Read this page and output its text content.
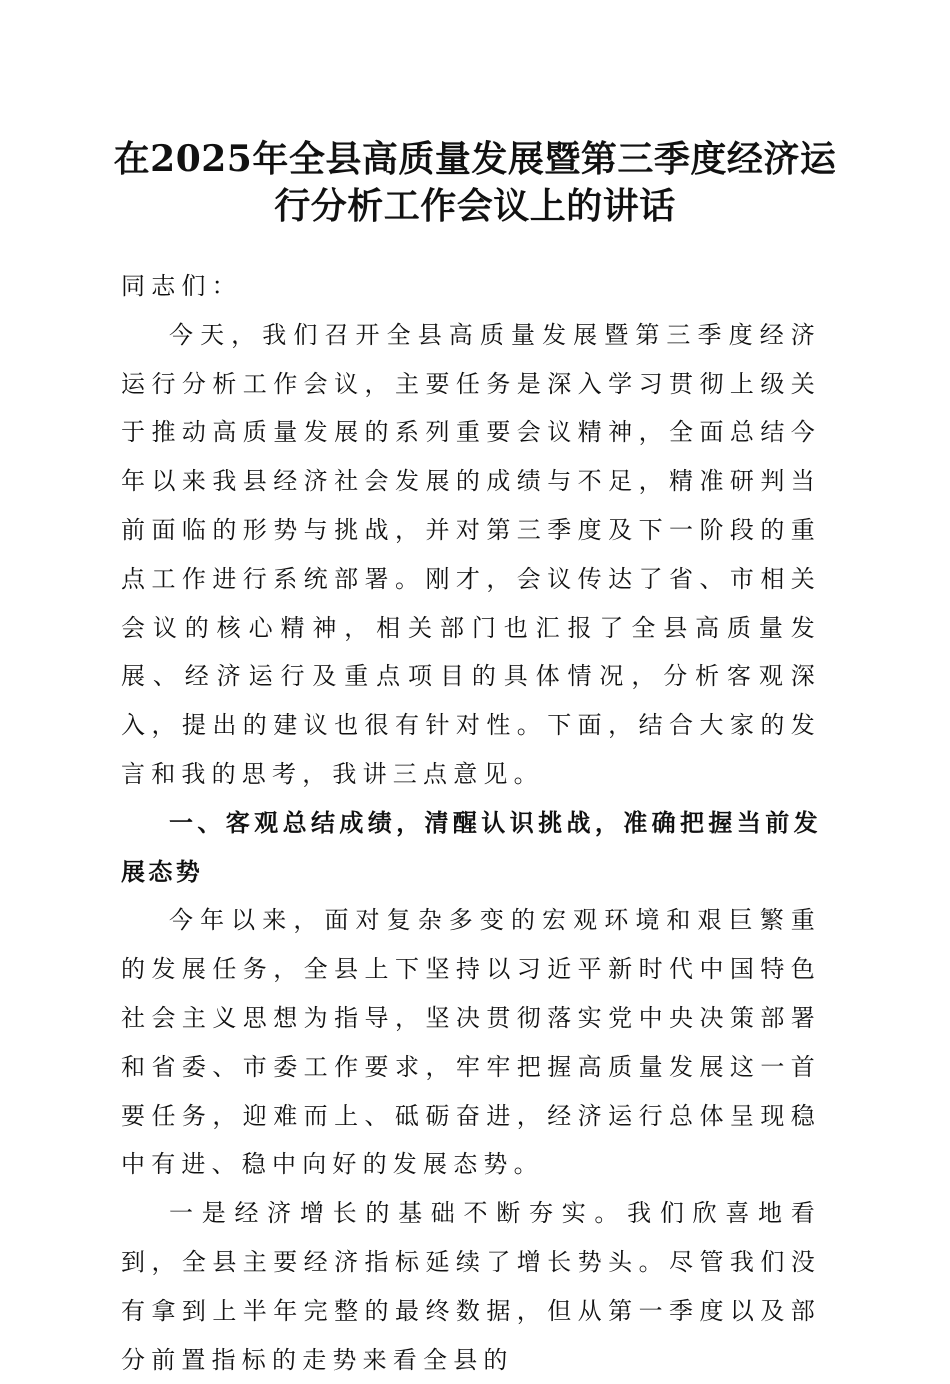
在2025年全县高质量发展暨第三季度经济运行分析工作会议上的讲话

同志们：

今天，我们召开全县高质量发展暨第三季度经济运行分析工作会议，主要任务是深入学习贯彻上级关于推动高质量发展的系列重要会议精神，全面总结今年以来我县经济社会发展的成绩与不足，精准研判当前面临的形势与挑战，并对第三季度及下一阶段的重点工作进行系统部署。刚才，会议传达了省、市相关会议的核心精神，相关部门也汇报了全县高质量发展、经济运行及重点项目的具体情况，分析客观深入，提出的建议也很有针对性。下面，结合大家的发言和我的思考，我讲三点意见。

一、客观总结成绩，清醒认识挑战，准确把握当前发展态势

今年以来，面对复杂多变的宏观环境和艰巨繁重的发展任务，全县上下坚持以习近平新时代中国特色社会主义思想为指导，坚决贯彻落实党中央决策部署和省委、市委工作要求，牢牢把握高质量发展这一首要任务，迎难而上、砥砺奋进，经济运行总体呈现稳中有进、稳中向好的发展态势。

一是经济增长的基础不断夯实。我们欣喜地看到，全县主要经济指标延续了增长势头。尽管我们没有拿到上半年完整的最终数据，但从第一季度以及部分前置指标的走势来看全县的
